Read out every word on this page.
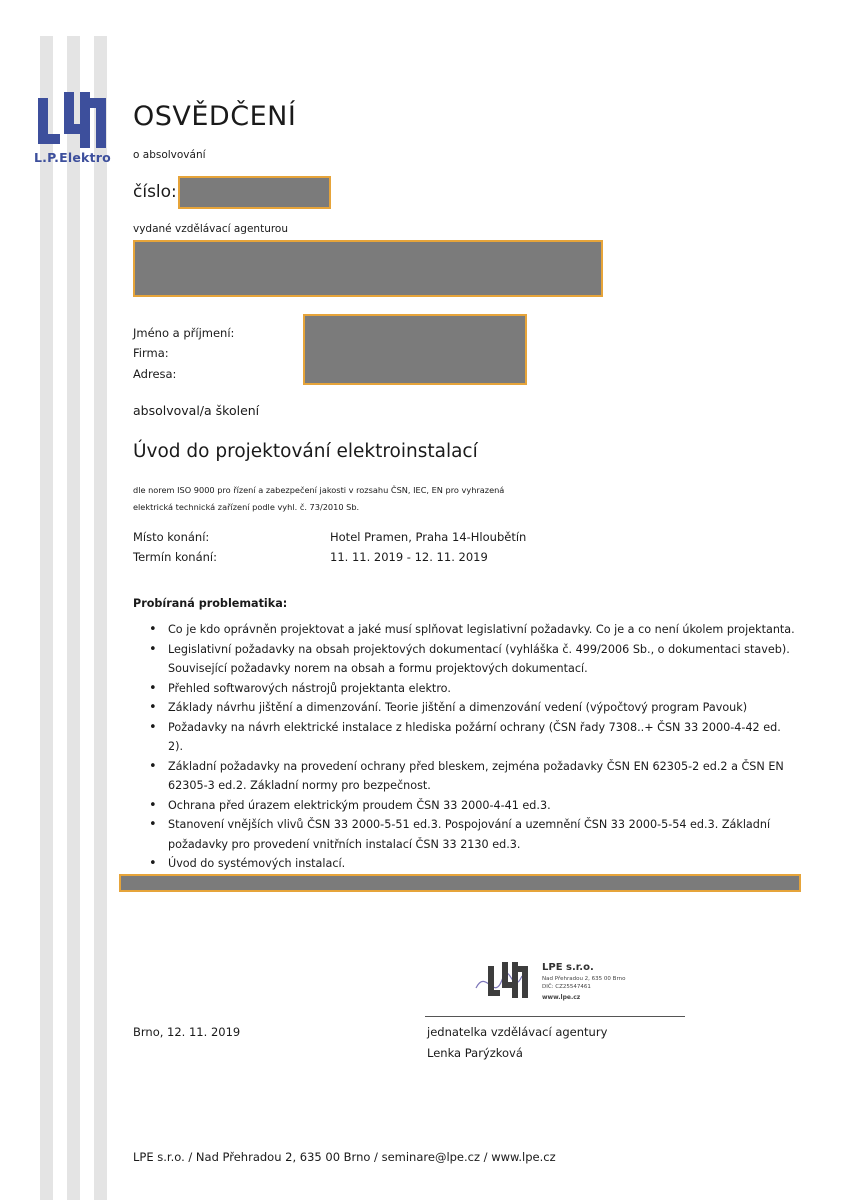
L.P.Elektro
OSVĚDČENÍ
o absolvování
číslo:
vydané vzdělávací agenturou
Jméno a příjmení:
Firma:
Adresa:
absolvoval/a školení
Úvod do projektování elektroinstalací
dle norem ISO 9000 pro řízení a zabezpečení jakosti v rozsahu ČSN, IEC, EN pro vyhrazená
elektrická technická zařízení podle vyhl. č. 73/2010 Sb.
Místo konání:	Hotel Pramen, Praha 14-Hloubětín
Termín konání:	11. 11. 2019 - 12. 11. 2019
Probíraná problematika:
• Co je kdo oprávněn projektovat a jaké musí splňovat legislativní požadavky. Co je a co není úkolem projektanta.
• Legislativní požadavky na obsah projektových dokumentací (vyhláška č. 499/2006 Sb., o dokumentaci staveb). Související požadavky norem na obsah a formu projektových dokumentací.
• Přehled softwarových nástrojů projektanta elektro.
• Základy návrhu jištění a dimenzování. Teorie jištění a dimenzování vedení (výpočtový program Pavouk)
• Požadavky na návrh elektrické instalace z hlediska požární ochrany (ČSN řady 7308..+ ČSN 33 2000-4-42 ed. 2).
• Základní požadavky na provedení ochrany před bleskem, zejména požadavky ČSN EN 62305-2 ed.2 a ČSN EN 62305-3 ed.2. Základní normy pro bezpečnost.
• Ochrana před úrazem elektrickým proudem ČSN 33 2000-4-41 ed.3.
• Stanovení vnějších vlivů ČSN 33 2000-5-51 ed.3. Pospojování a uzemnění ČSN 33 2000-5-54 ed.3. Základní požadavky pro provedení vnitřních instalací ČSN 33 2130 ed.3.
• Úvod do systémových instalací.
LPE s.r.o.
Nad Přehradou 2, 635 00 Brno
DIČ: CZ25547461
www.lpe.cz
Brno, 12. 11. 2019	jednatelka vzdělávací agentury
Lenka Parýzková
LPE s.r.o. / Nad Přehradou 2, 635 00 Brno / seminare@lpe.cz / www.lpe.cz
